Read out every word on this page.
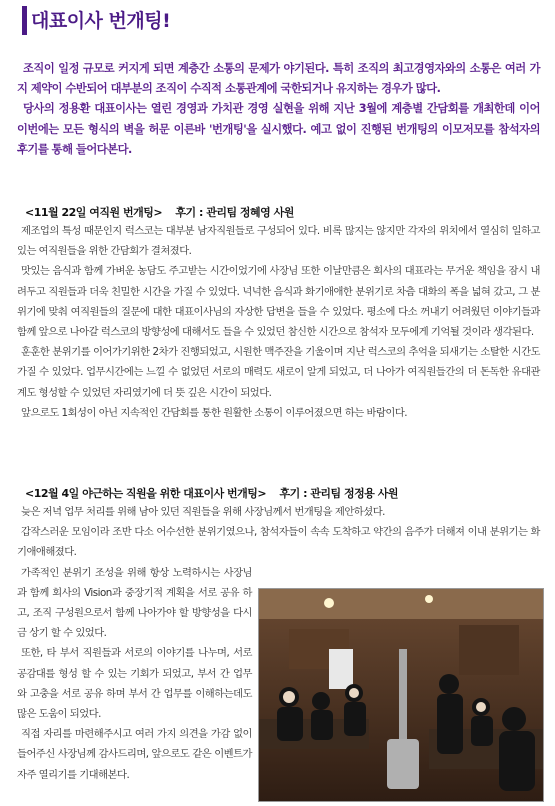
대표이사 번개팅!

조직이 일정 규모로 커지게 되면 계층간 소통의 문제가 야기된다. 특히 조직의 최고경영자와의 소통은 여러 가지 제약이 수반되어 대부분의 조직이 수직적 소통관계에 국한되거나 유지하는 경우가 많다.

당사의 정용환 대표이사는 열린 경영과 가치관 경영 실현을 위해 지난 3월에 계층별 간담회를 개최한데 이어 이번에는 모든 형식의 벽을 허문 이른바 '번개팅'을 실시했다. 예고 없이 진행된 번개팅의 이모저모를 참석자의 후기를 통해 들어다본다.

<11월 22일 여직원 번개팅> 후기 : 관리팀 정혜영 사원

제조업의 특성 때문인지 럭스코는 대부분 남자직원들로 구성되어 있다. 비록 많지는 않지만 각자의 위치에서 열심히 일하고 있는 여직원들을 위한 간담회가 결쳐졌다.

맛있는 음식과 함께 가벼운 농담도 주고받는 시간이었기에 사장님 또한 이날만큼은 회사의 대표라는 무거운 책임을 잠시 내려두고 직원들과 더욱 친밀한 시간을 가질 수 있었다. 넉넉한 음식과 화기애애한 분위기로 차츰 대화의 폭을 넓혀 갔고, 그 분위기에 맞춰 여직원들의 질문에 대한 대표이사님의 자상한 답변을 들을 수 있었다. 평소에 다소 꺼내기 어려웠던 이야기들과 함께 앞으로 나아갈 럭스코의 방향성에 대해서도 들을 수 있었던 참신한 시간으로 참석자 모두에게 기억될 것이라 생각된다.

훈훈한 분위기를 이어가기위한 2차가 진행되었고, 시원한 맥주잔을 기울이며 지난 럭스코의 추억을 되새기는 소탈한 시간도 가질 수 있었다. 업무시간에는 느낄 수 없었던 서로의 매력도 새로이 알게 되었고, 더 나아가 여직원들간의 더 돈독한 유대관계도 형성할 수 있었던 자리였기에 더 뜻 깊은 시간이 되었다.

앞으로도 1회성이 아닌 지속적인 간담회를 통한 원활한 소통이 이루어졌으면 하는 바람이다.

<12월 4일 야근하는 직원을 위한 대표이사 번개팅> 후기 : 관리팀 정정용 사원

늦은 저녁 업무 처리를 위해 남아 있던 직원들을 위해 사장님께서 번개팅을 제안하셨다.

갑작스러운 모임이라 조반 다소 어수선한 분위기였으나, 참석자들이 속속 도착하고 약간의 음주가 더해져 이내 분위기는 화기애애해졌다.

가족적인 분위기 조성을 위해 항상 노력하시는 사장님과 함께 회사의 Vision과 중장기적 계획을 서로 공유 하고, 조직 구성원으로서 함께 나아가야 할 방향성을 다시금 상기 할 수 있었다.

또한, 타 부서 직원들과 서로의 이야기를 나누며, 서로 공감대를 형성 할 수 있는 기회가 되었고, 부서 간 업무와 고충을 서로 공유 하며 부서 간 업무를 이해하는데도 많은 도움이 되었다.

직접 자리를 마련해주시고 여러 가지 의견을 가감 없이 들어주신 사장님께 감사드리며, 앞으로도 같은 이벤트가 자주 열리기를 기대해본다.
